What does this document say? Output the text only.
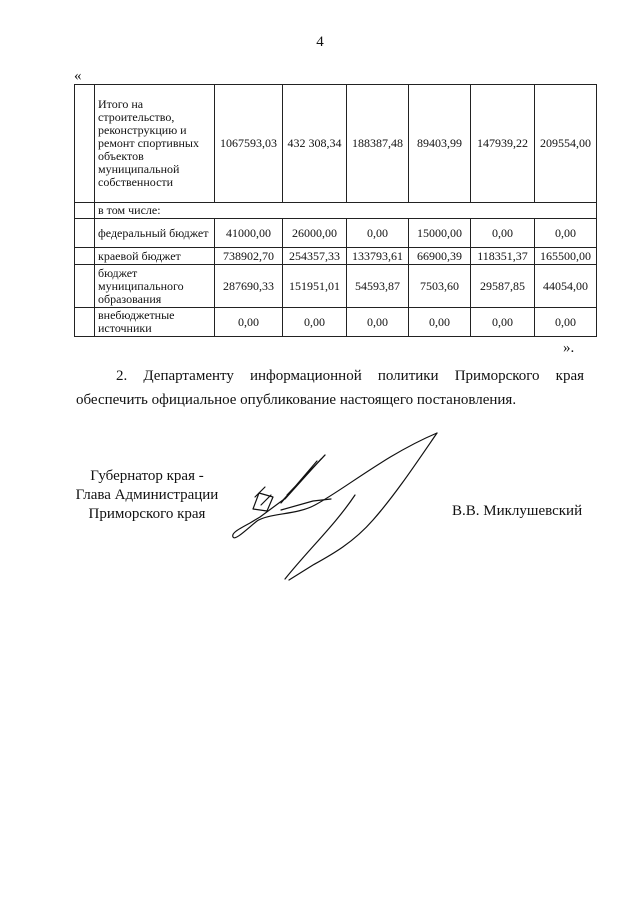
4
«
	Итого на строительство, реконструкцию и ремонт спортивных объектов муниципальной собственности	1067593,03	432 308,34	188387,48	89403,99	147939,22	209554,00
	в том числе:						
	федеральный бюджет	41000,00	26000,00	0,00	15000,00	0,00	0,00
	краевой бюджет	738902,70	254357,33	133793,61	66900,39	118351,37	165500,00
	бюджет муниципального образования	287690,33	151951,01	54593,87	7503,60	29587,85	44054,00
	внебюджетные источники	0,00	0,00	0,00	0,00	0,00	0,00
».
2. Департаменту информационной политики Приморского края
обеспечить официальное опубликование настоящего постановления.
Губернатор края -
Глава Администрации
Приморского края	В.В. Миклушевский
